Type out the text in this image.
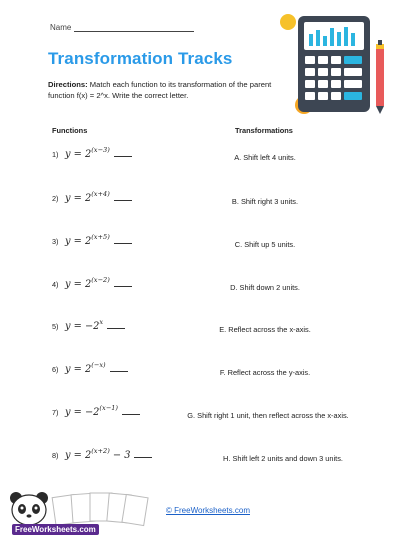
Name
Transformation Tracks
Directions: Match each function to its transformation of the parent function f(x) = 2^x. Write the correct letter.
Functions	Transformations
1) $y = 2^{(x-3)}$
A. Shift left 4 units.
2) $y = 2^{(x+4)}$
B. Shift right 3 units.
3) $y = 2^{(x+5)}$
C. Shift up 5 units.
4) $y = 2^{(x-2)}$
D. Shift down 2 units.
5) $y = -2^x$
E. Reflect across the x-axis.
6) $y = 2^{(-x)}$
F. Reflect across the y-axis.
7) $y = -2^{(x-1)}$
G. Shift right 1 unit, then reflect across the x-axis.
8) $y = 2^{(x+2)} - 3$	H. Shift left 2 units and down 3 units.
FreeWorksheets.com
© FreeWorksheets.com
